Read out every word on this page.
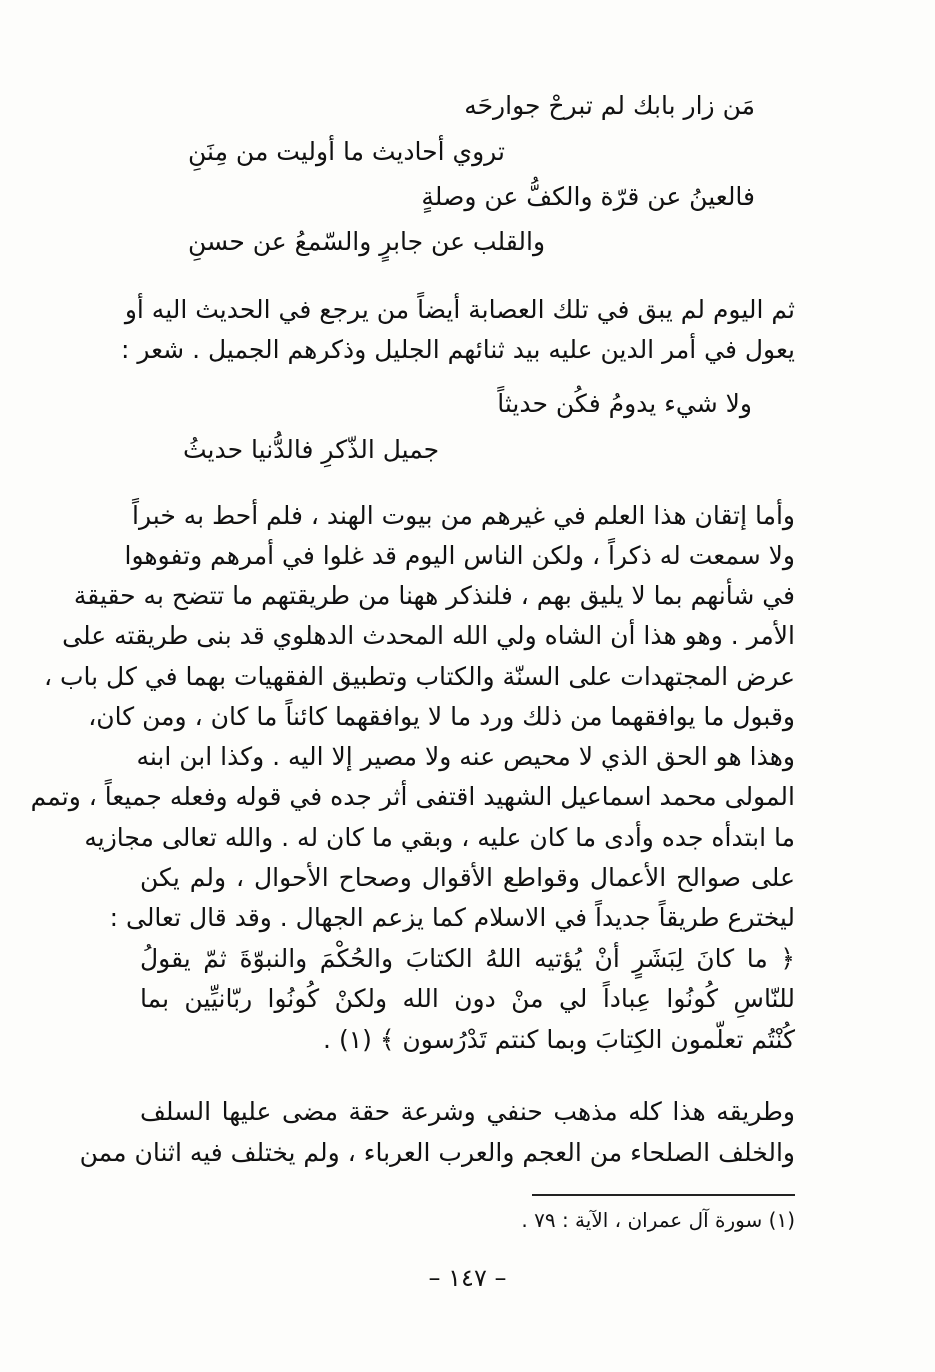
مَن زار بابك لم تبرحْ جوارحَه
تروي أحاديث ما أوليت من مِنَنِ
فالعينُ عن قرّة والكفُّ عن وصلةٍ
والقلب عن جابرٍ والسّمعُ عن حسنِ
ثم اليوم لم يبق في تلك العصابة أيضاً من يرجع في الحديث اليه أو
يعول في أمر الدين عليه بيد ثنائهم الجليل وذكرهم الجميل . شعر :
ولا شيء يدومُ فكُن حديثاً
جميل الذّكرِ فالدُّنيا حديثُ
وأما إتقان هذا العلم في غيرهم من بيوت الهند ، فلم أحط به خبراً
ولا سمعت له ذكراً ، ولكن الناس اليوم قد غلوا في أمرهم وتفوهوا
في شأنهم بما لا يليق بهم ، فلنذكر ههنا من طريقتهم ما تتضح به حقيقة
الأمر . وهو هذا أن الشاه ولي الله المحدث الدهلوي قد بنى طريقته على
عرض المجتهدات على السنّة والكتاب وتطبيق الفقهيات بهما في كل باب ،
وقبول ما يوافقهما من ذلك ورد ما لا يوافقهما كائناً ما كان ، ومن كان،
وهذا هو الحق الذي لا محيص عنه ولا مصير إلا اليه . وكذا ابن ابنه
المولى محمد اسماعيل الشهيد اقتفى أثر جده في قوله وفعله جميعاً ، وتمم
ما ابتدأه جده وأدى ما كان عليه ، وبقي ما كان له . والله تعالى مجازيه
على صوالح الأعمال وقواطع الأقوال وصحاح الأحوال ، ولم يكن
ليخترع طريقاً جديداً في الاسلام كما يزعم الجهال . وقد قال تعالى :
﴿ ما كانَ لِبَشَرٍ أنْ يُؤتيه اللهُ الكتابَ والحُكْمَ والنبوّةَ ثمّ يقولُ
للنّاسِ كُونُوا عِباداً لي منْ دون الله ولكنْ كُونُوا ربّانيِّين بما
كُنْتُم تعلّمون الكِتابَ وبما كنتم تَدْرُسون ﴾ (١) .
وطريقه هذا كله مذهب حنفي وشرعة حقة مضى عليها السلف
والخلف الصلحاء من العجم والعرب العرباء ، ولم يختلف فيه اثنان ممن
(١) سورة آل عمران ، الآية : ٧٩ .
– ١٤٧ –
